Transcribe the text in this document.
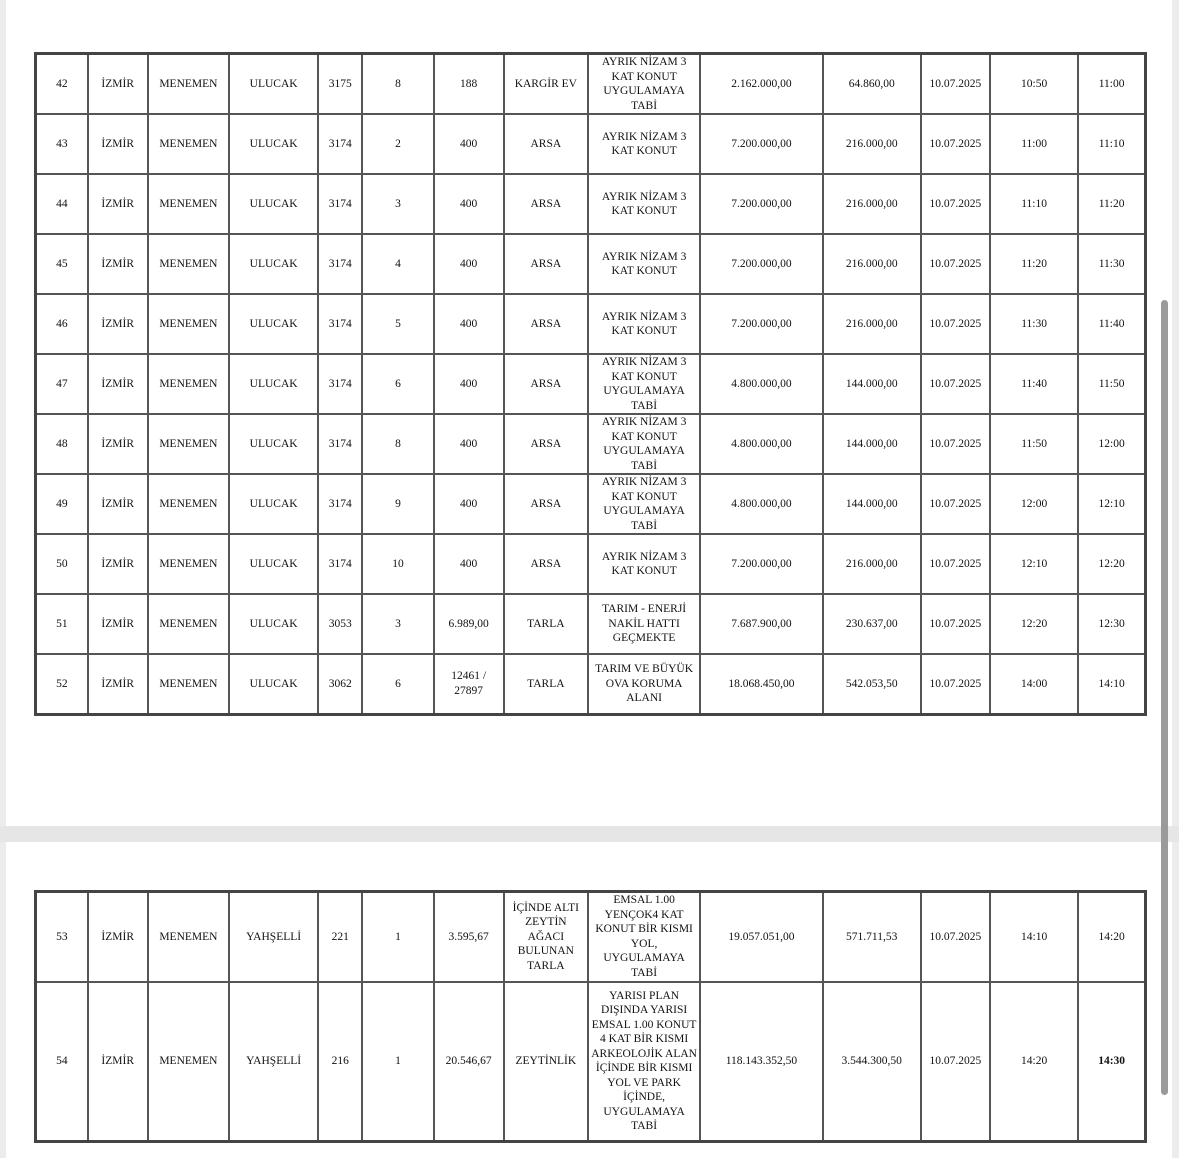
42	İZMİR	MENEMEN	ULUCAK	3175	8	188	KARGİR EV	AYRIK NİZAM 3 KAT KONUT UYGULAMAYA TABİ	2.162.000,00	64.860,00	10.07.2025	10:50	11:00
43	İZMİR	MENEMEN	ULUCAK	3174	2	400	ARSA	AYRIK NİZAM 3 KAT KONUT	7.200.000,00	216.000,00	10.07.2025	11:00	11:10
44	İZMİR	MENEMEN	ULUCAK	3174	3	400	ARSA	AYRIK NİZAM 3 KAT KONUT	7.200.000,00	216.000,00	10.07.2025	11:10	11:20
45	İZMİR	MENEMEN	ULUCAK	3174	4	400	ARSA	AYRIK NİZAM 3 KAT KONUT	7.200.000,00	216.000,00	10.07.2025	11:20	11:30
46	İZMİR	MENEMEN	ULUCAK	3174	5	400	ARSA	AYRIK NİZAM 3 KAT KONUT	7.200.000,00	216.000,00	10.07.2025	11:30	11:40
47	İZMİR	MENEMEN	ULUCAK	3174	6	400	ARSA	AYRIK NİZAM 3 KAT KONUT UYGULAMAYA TABİ	4.800.000,00	144.000,00	10.07.2025	11:40	11:50
48	İZMİR	MENEMEN	ULUCAK	3174	8	400	ARSA	AYRIK NİZAM 3 KAT KONUT UYGULAMAYA TABİ	4.800.000,00	144.000,00	10.07.2025	11:50	12:00
49	İZMİR	MENEMEN	ULUCAK	3174	9	400	ARSA	AYRIK NİZAM 3 KAT KONUT UYGULAMAYA TABİ	4.800.000,00	144.000,00	10.07.2025	12:00	12:10
50	İZMİR	MENEMEN	ULUCAK	3174	10	400	ARSA	AYRIK NİZAM 3 KAT KONUT	7.200.000,00	216.000,00	10.07.2025	12:10	12:20
51	İZMİR	MENEMEN	ULUCAK	3053	3	6.989,00	TARLA	TARIM - ENERJİ NAKİL HATTI GEÇMEKTE	7.687.900,00	230.637,00	10.07.2025	12:20	12:30
52	İZMİR	MENEMEN	ULUCAK	3062	6	12461 / 27897	TARLA	TARIM VE BÜYÜK OVA KORUMA ALANI	18.068.450,00	542.053,50	10.07.2025	14:00	14:10
53	İZMİR	MENEMEN	YAHŞELLİ	221	1	3.595,67	İÇİNDE ALTI ZEYTİN AĞACI BULUNAN TARLA	EMSAL 1.00 YENÇOK4 KAT KONUT BİR KISMI YOL, UYGULAMAYA TABİ	19.057.051,00	571.711,53	10.07.2025	14:10	14:20
54	İZMİR	MENEMEN	YAHŞELLİ	216	1	20.546,67	ZEYTİNLİK	YARISI PLAN DIŞINDA YARISI EMSAL 1.00 KONUT 4 KAT BİR KISMI ARKEOLOJİK ALAN İÇİNDE BİR KISMI YOL VE PARK İÇİNDE, UYGULAMAYA TABİ	118.143.352,50	3.544.300,50	10.07.2025	14:20	14:30
